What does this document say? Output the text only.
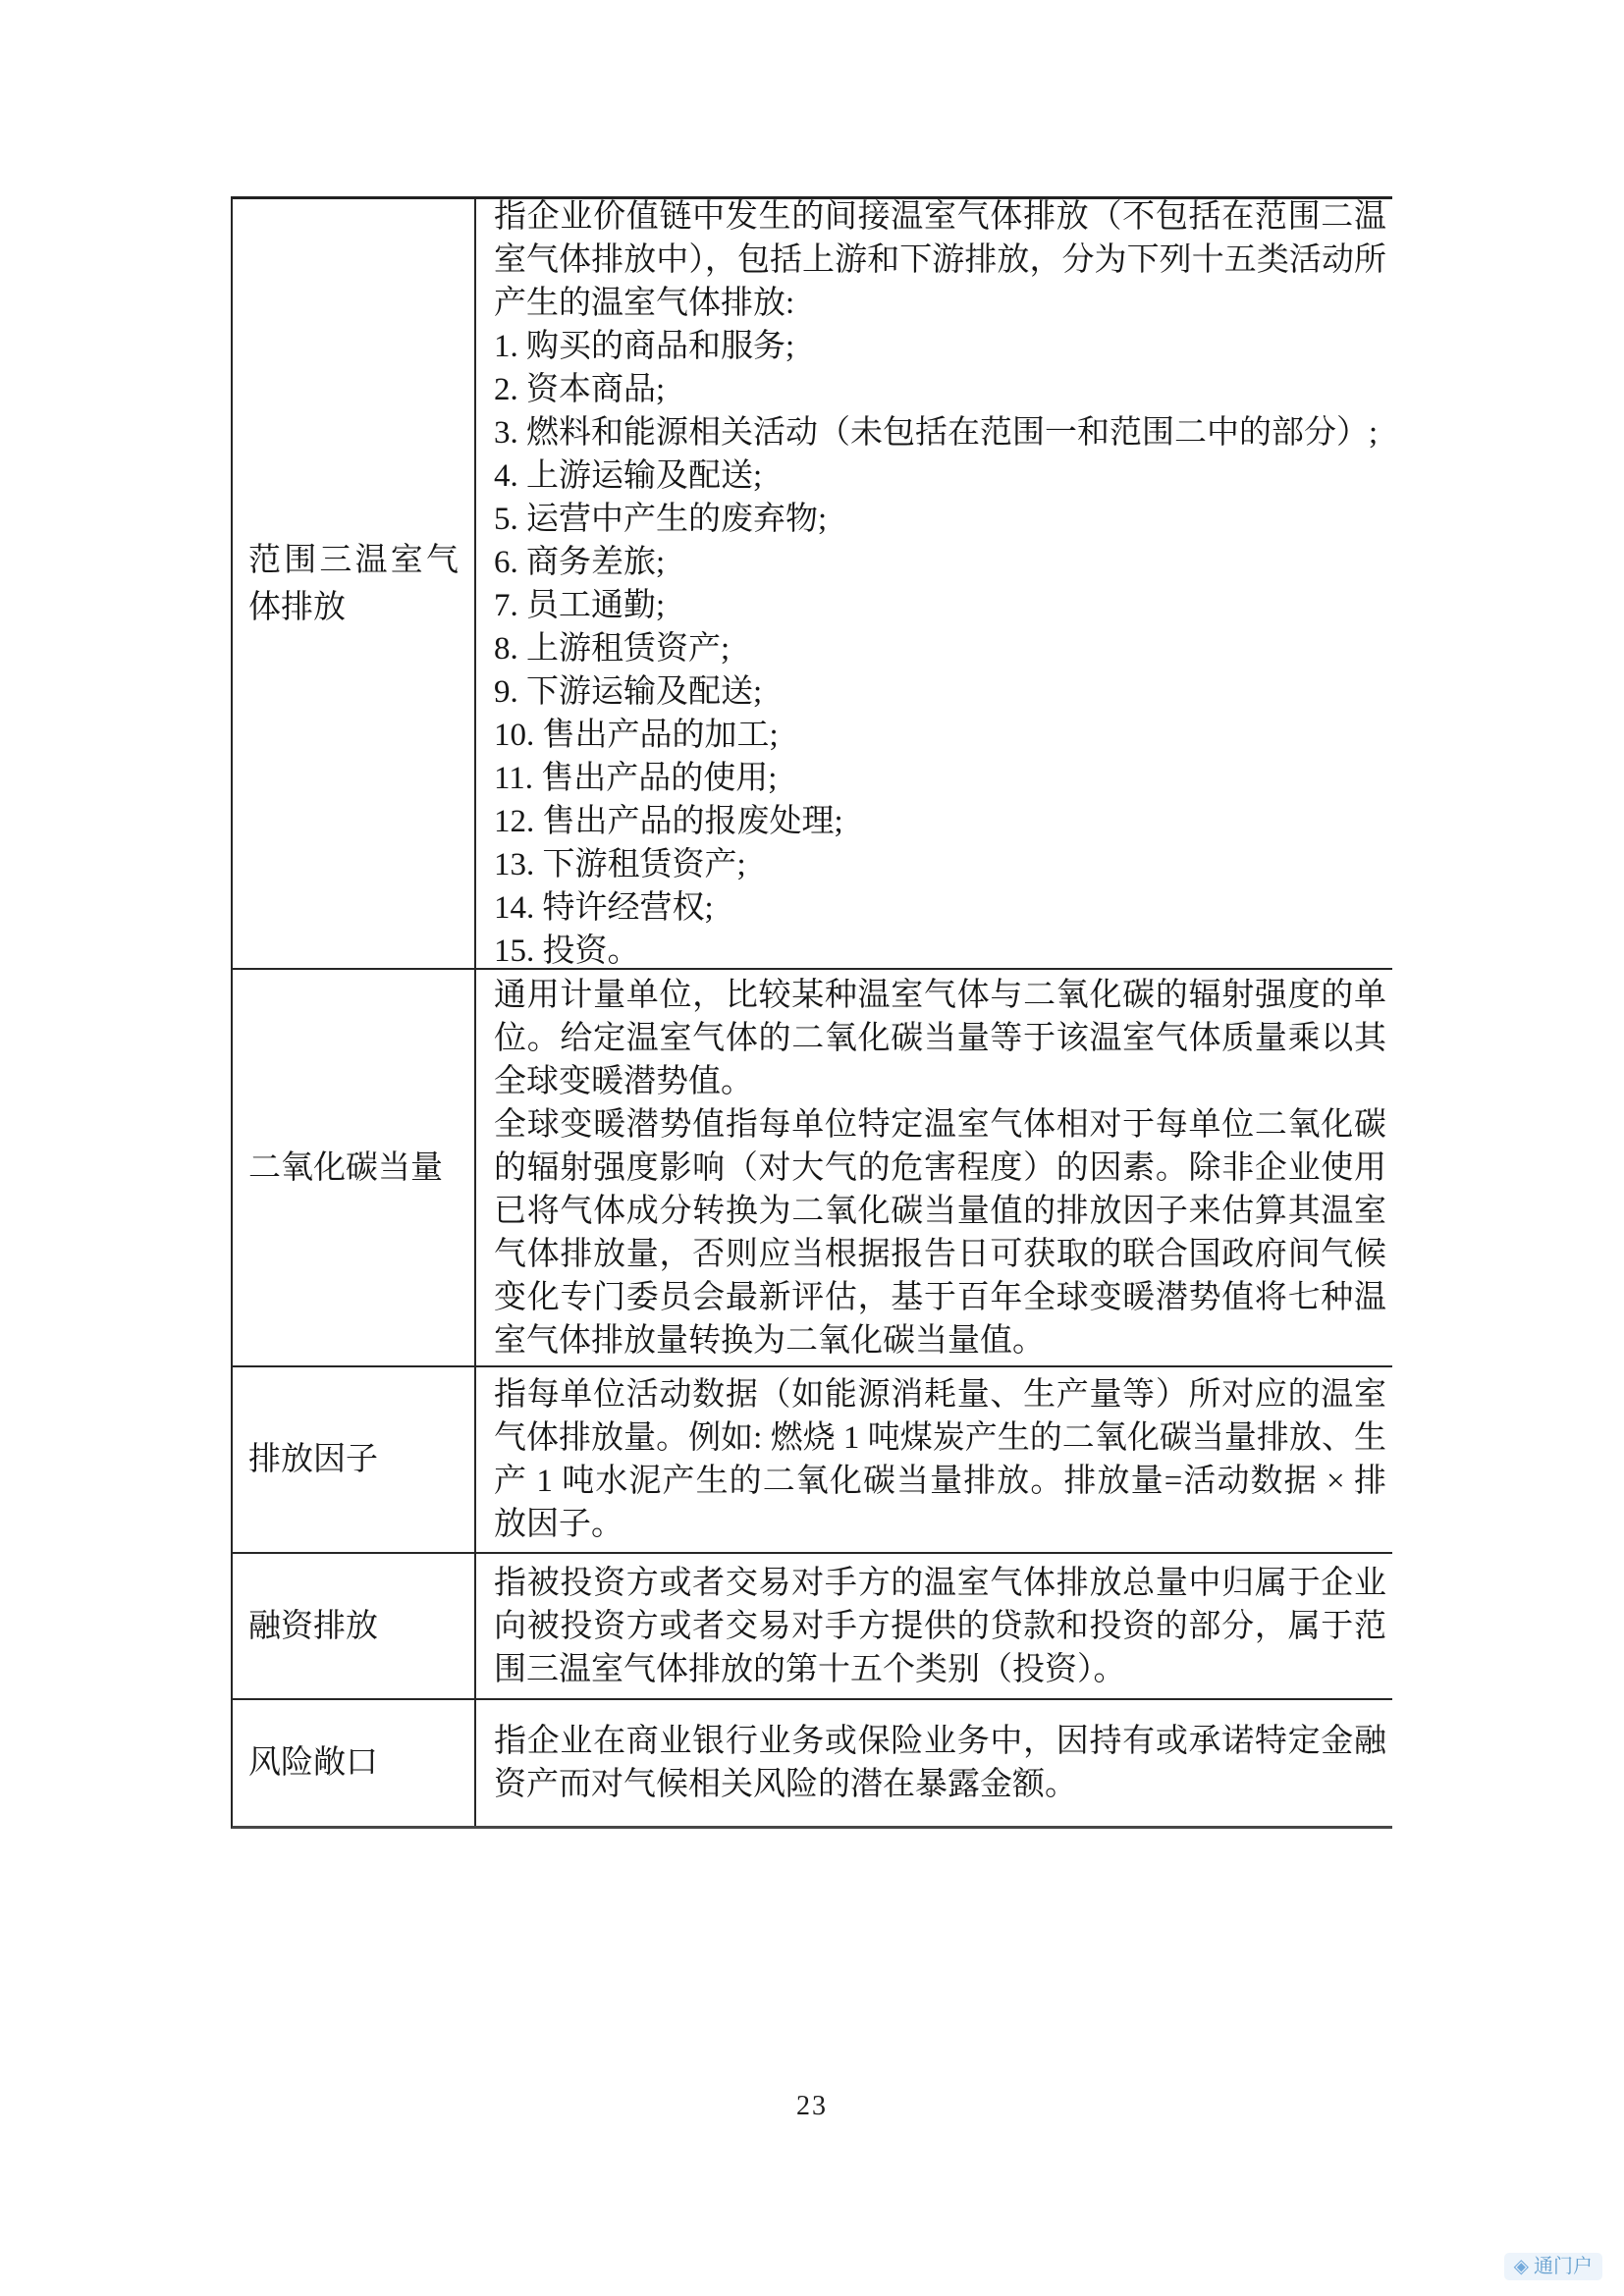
范围三温室气体排放
指企业价值链中发生的间接温室气体排放（不包括在范围二温室气体排放中），包括上游和下游排放，分为下列十五类活动所产生的温室气体排放:
1. 购买的商品和服务;
2. 资本商品;
3. 燃料和能源相关活动（未包括在范围一和范围二中的部分）;
4. 上游运输及配送;
5. 运营中产生的废弃物;
6. 商务差旅;
7. 员工通勤;
8. 上游租赁资产;
9. 下游运输及配送;
10. 售出产品的加工;
11. 售出产品的使用;
12. 售出产品的报废处理;
13. 下游租赁资产;
14. 特许经营权;
15. 投资。
二氧化碳当量
通用计量单位，比较某种温室气体与二氧化碳的辐射强度的单位。给定温室气体的二氧化碳当量等于该温室气体质量乘以其全球变暖潜势值。
全球变暖潜势值指每单位特定温室气体相对于每单位二氧化碳的辐射强度影响（对大气的危害程度）的因素。除非企业使用已将气体成分转换为二氧化碳当量值的排放因子来估算其温室气体排放量，否则应当根据报告日可获取的联合国政府间气候变化专门委员会最新评估，基于百年全球变暖潜势值将七种温室气体排放量转换为二氧化碳当量值。
排放因子
指每单位活动数据（如能源消耗量、生产量等）所对应的温室气体排放量。例如: 燃烧 1 吨煤炭产生的二氧化碳当量排放、生产 1 吨水泥产生的二氧化碳当量排放。排放量=活动数据 × 排放因子。
融资排放
指被投资方或者交易对手方的温室气体排放总量中归属于企业向被投资方或者交易对手方提供的贷款和投资的部分，属于范围三温室气体排放的第十五个类别（投资）。
风险敞口
指企业在商业银行业务或保险业务中，因持有或承诺特定金融资产而对气候相关风险的潜在暴露金额。
23
◈ 通门户
